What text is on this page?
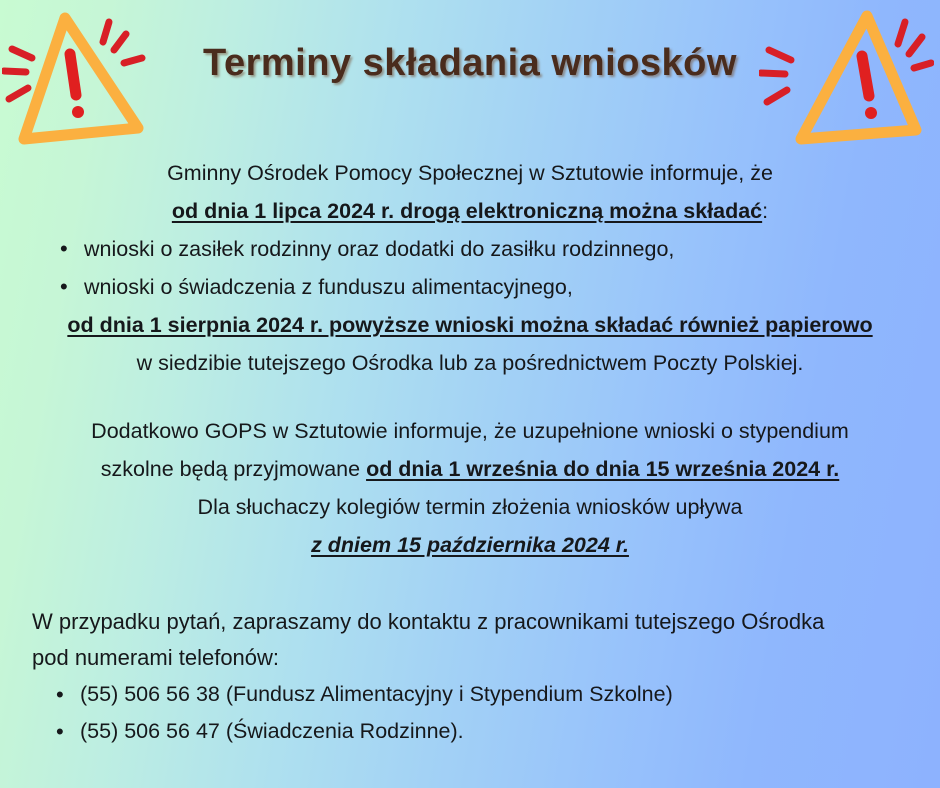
Terminy składania wniosków
Gminny Ośrodek Pomocy Społecznej w Sztutowie informuje, że
od dnia 1 lipca 2024 r. drogą elektroniczną można składać:
• wnioski o zasiłek rodzinny oraz dodatki do zasiłku rodzinnego,
• wnioski o świadczenia z funduszu alimentacyjnego,
od dnia 1 sierpnia 2024 r. powyższe wnioski można składać również papierowo
w siedzibie tutejszego Ośrodka lub za pośrednictwem Poczty Polskiej.
Dodatkowo GOPS w Sztutowie informuje, że uzupełnione wnioski o stypendium
szkolne będą przyjmowane od dnia 1 września do dnia 15 września 2024 r.
Dla słuchaczy kolegiów termin złożenia wniosków upływa
z dniem 15 października 2024 r.
W przypadku pytań, zapraszamy do kontaktu z pracownikami tutejszego Ośrodka
pod numerami telefonów:
• (55) 506 56 38 (Fundusz Alimentacyjny i Stypendium Szkolne)
• (55) 506 56 47 (Świadczenia Rodzinne).
